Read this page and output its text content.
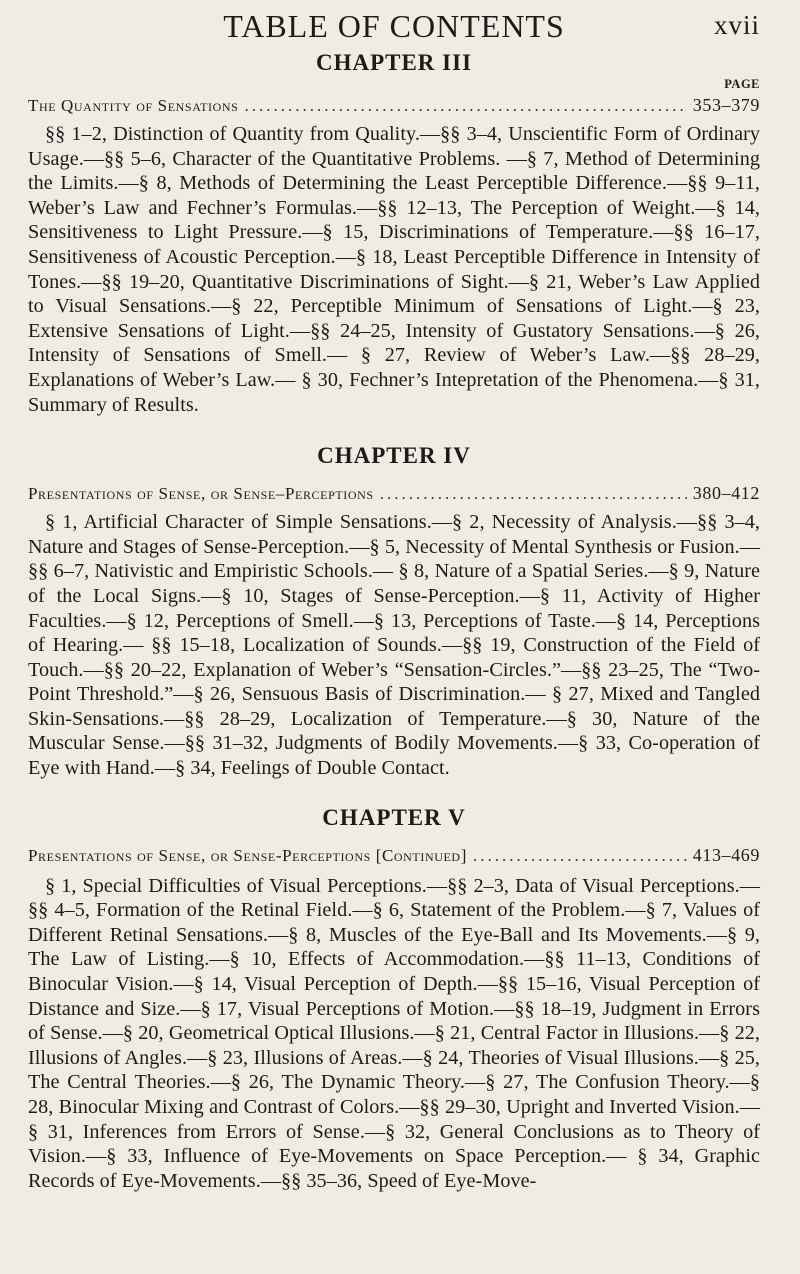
TABLE OF CONTENTS	xvii
CHAPTER III
PAGE
The Quantity of Sensations .....	353–379

§§ 1–2, Distinction of Quantity from Quality.—§§ 3–4, Unscientific Form of Ordinary Usage.—§§ 5–6, Character of the Quantitative Problems. —§ 7, Method of Determining the Limits.—§ 8, Methods of Determining the Least Perceptible Difference.—§§ 9–11, Weber’s Law and Fechner’s Formulas.—§§ 12–13, The Perception of Weight.—§ 14, Sensitiveness to Light Pressure.—§ 15, Discriminations of Temperature.—§§ 16–17, Sensitiveness of Acoustic Perception.—§ 18, Least Perceptible Difference in Intensity of Tones.—§§ 19–20, Quantitative Discriminations of Sight.—§ 21, Weber’s Law Applied to Visual Sensations.—§ 22, Perceptible Minimum of Sensations of Light.—§ 23, Extensive Sensations of Light.—§§ 24–25, Intensity of Gustatory Sensations.—§ 26, Intensity of Sensations of Smell.— § 27, Review of Weber’s Law.—§§ 28–29, Explanations of Weber’s Law.— § 30, Fechner’s Intepretation of the Phenomena.—§ 31, Summary of Results.

CHAPTER IV
Presentations of Sense, or Sense–Perceptions .....	380–412

§ 1, Artificial Character of Simple Sensations.—§ 2, Necessity of Analysis.—§§ 3–4, Nature and Stages of Sense-Perception.—§ 5, Necessity of Mental Synthesis or Fusion.—§§ 6–7, Nativistic and Empiristic Schools.— § 8, Nature of a Spatial Series.—§ 9, Nature of the Local Signs.—§ 10, Stages of Sense-Perception.—§ 11, Activity of Higher Faculties.—§ 12, Perceptions of Smell.—§ 13, Perceptions of Taste.—§ 14, Perceptions of Hearing.— §§ 15–18, Localization of Sounds.—§§ 19, Construction of the Field of Touch.—§§ 20–22, Explanation of Weber’s “Sensation-Circles.”—§§ 23–25, The “Two-Point Threshold.”—§ 26, Sensuous Basis of Discrimination.— § 27, Mixed and Tangled Skin-Sensations.—§§ 28–29, Localization of Temperature.—§ 30, Nature of the Muscular Sense.—§§ 31–32, Judgments of Bodily Movements.—§ 33, Co-operation of Eye with Hand.—§ 34, Feelings of Double Contact.

CHAPTER V
Presentations of Sense, or Sense-Perceptions [Continued] .....	413–469

§ 1, Special Difficulties of Visual Perceptions.—§§ 2–3, Data of Visual Perceptions.—§§ 4–5, Formation of the Retinal Field.—§ 6, Statement of the Problem.—§ 7, Values of Different Retinal Sensations.—§ 8, Muscles of the Eye-Ball and Its Movements.—§ 9, The Law of Listing.—§ 10, Effects of Accommodation.—§§ 11–13, Conditions of Binocular Vision.—§ 14, Visual Perception of Depth.—§§ 15–16, Visual Perception of Distance and Size.—§ 17, Visual Perceptions of Motion.—§§ 18–19, Judgment in Errors of Sense.—§ 20, Geometrical Optical Illusions.—§ 21, Central Factor in Illusions.—§ 22, Illusions of Angles.—§ 23, Illusions of Areas.—§ 24, Theories of Visual Illusions.—§ 25, The Central Theories.—§ 26, The Dynamic Theory.—§ 27, The Confusion Theory.—§ 28, Binocular Mixing and Contrast of Colors.—§§ 29–30, Upright and Inverted Vision.—§ 31, Inferences from Errors of Sense.—§ 32, General Conclusions as to Theory of Vision.—§ 33, Influence of Eye-Movements on Space Perception.— § 34, Graphic Records of Eye-Movements.—§§ 35–36, Speed of Eye-Move-
